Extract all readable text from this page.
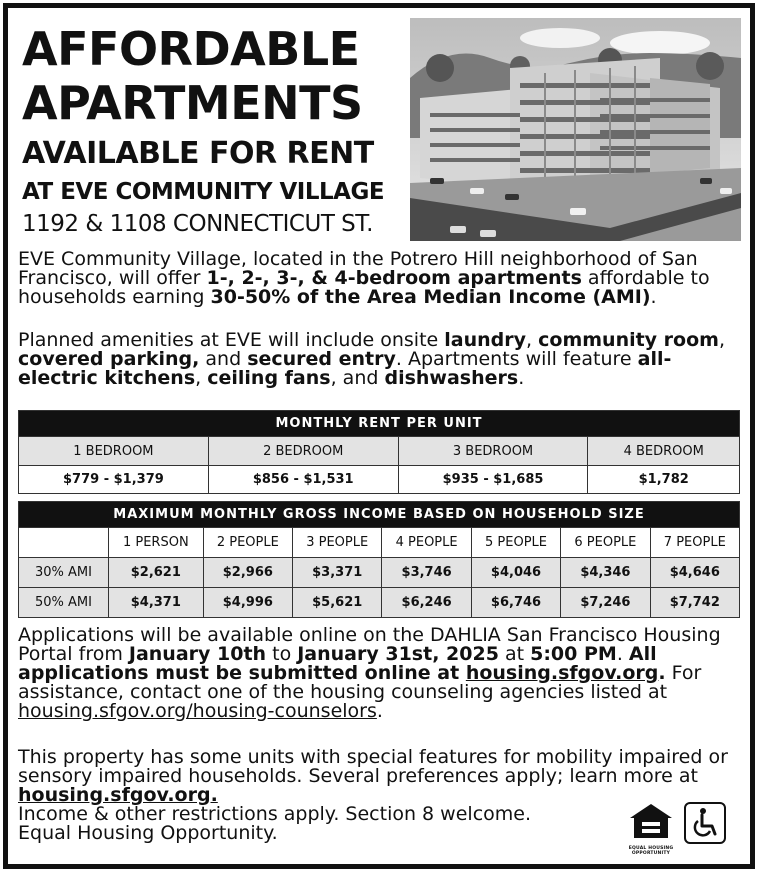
AFFORDABLE
APARTMENTS
AVAILABLE FOR RENT
AT EVE COMMUNITY VILLAGE
1192 & 1108 CONNECTICUT ST.
EVE Community Village, located in the Potrero Hill neighborhood of San Francisco, will offer 1-, 2-, 3-, & 4-bedroom apartments affordable to households earning 30-50% of the Area Median Income (AMI).
Planned amenities at EVE will include onsite laundry, community room, covered parking, and secured entry. Apartments will feature all-electric kitchens, ceiling fans, and dishwashers.
MONTHLY RENT PER UNIT			
1 BEDROOM	2 BEDROOM	3 BEDROOM	4 BEDROOM
$779 - $1,379	$856 - $1,531	$935 - $1,685	$1,782
MAXIMUM MONTHLY GROSS INCOME BASED ON HOUSEHOLD SIZE							
	1 PERSON	2 PEOPLE	3 PEOPLE	4 PEOPLE	5 PEOPLE	6 PEOPLE	7 PEOPLE
30% AMI	$2,621	$2,966	$3,371	$3,746	$4,046	$4,346	$4,646
50% AMI	$4,371	$4,996	$5,621	$6,246	$6,746	$7,246	$7,742
Applications will be available online on the DAHLIA San Francisco Housing Portal from January 10th to January 31st, 2025 at 5:00 PM. All applications must be submitted online at housing.sfgov.org. For assistance, contact one of the housing counseling agencies listed at housing.sfgov.org/housing-counselors.
This property has some units with special features for mobility impaired or sensory impaired households. Several preferences apply; learn more at housing.sfgov.org.
Income & other restrictions apply. Section 8 welcome.
Equal Housing Opportunity.
EQUAL HOUSING OPPORTUNITY
